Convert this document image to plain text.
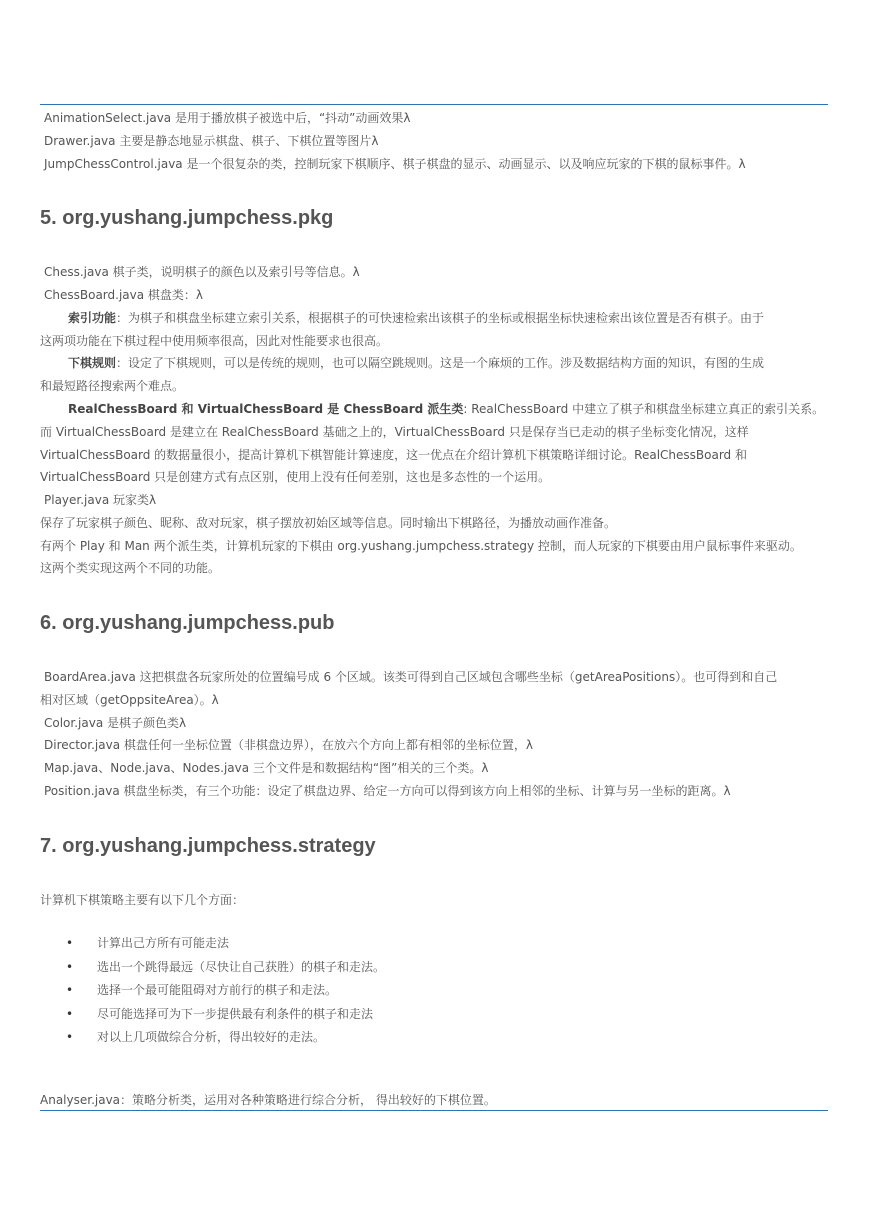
AnimationSelect.java 是用于播放棋子被选中后，“抖动”动画效果λ
Drawer.java 主要是静态地显示棋盘、棋子、下棋位置等图片λ
JumpChessControl.java 是一个很复杂的类，控制玩家下棋顺序、棋子棋盘的显示、动画显示、以及响应玩家的下棋的鼠标事件。λ
5. org.yushang.jumpchess.pkg
Chess.java 棋子类，说明棋子的颜色以及索引号等信息。λ
ChessBoard.java 棋盘类：λ
索引功能：为棋子和棋盘坐标建立索引关系，根据棋子的可快速检索出该棋子的坐标或根据坐标快速检索出该位置是否有棋子。由于
这两项功能在下棋过程中使用频率很高，因此对性能要求也很高。
下棋规则：设定了下棋规则，可以是传统的规则，也可以隔空跳规则。这是一个麻烦的工作。涉及数据结构方面的知识，有图的生成
和最短路径搜索两个难点。
RealChessBoard 和 VirtualChessBoard 是 ChessBoard 派生类: RealChessBoard 中建立了棋子和棋盘坐标建立真正的索引关系。
而 VirtualChessBoard 是建立在 RealChessBoard 基础之上的，VirtualChessBoard 只是保存当已走动的棋子坐标变化情况，这样
VirtualChessBoard 的数据量很小，提高计算机下棋智能计算速度，这一优点在介绍计算机下棋策略详细讨论。RealChessBoard 和
VirtualChessBoard 只是创建方式有点区别，使用上没有任何差别，这也是多态性的一个运用。
Player.java 玩家类λ
保存了玩家棋子颜色、昵称、敌对玩家，棋子摆放初始区域等信息。同时输出下棋路径，为播放动画作准备。
有两个 Play 和 Man 两个派生类，计算机玩家的下棋由 org.yushang.jumpchess.strategy 控制，而人玩家的下棋要由用户鼠标事件来驱动。
这两个类实现这两个不同的功能。
6. org.yushang.jumpchess.pub
BoardArea.java 这把棋盘各玩家所处的位置编号成 6 个区域。该类可得到自己区域包含哪些坐标（getAreaPositions）。也可得到和自己
相对区域（getOppsiteArea）。λ
Color.java 是棋子颜色类λ
Director.java 棋盘任何一坐标位置（非棋盘边界），在放六个方向上都有相邻的坐标位置，λ
Map.java、Node.java、Nodes.java 三个文件是和数据结构“图”相关的三个类。λ
Position.java 棋盘坐标类，有三个功能：设定了棋盘边界、给定一方向可以得到该方向上相邻的坐标、计算与另一坐标的距离。λ
7. org.yushang.jumpchess.strategy
计算机下棋策略主要有以下几个方面：
• 计算出己方所有可能走法
• 选出一个跳得最远（尽快让自己获胜）的棋子和走法。
• 选择一个最可能阻碍对方前行的棋子和走法。
• 尽可能选择可为下一步提供最有利条件的棋子和走法
• 对以上几项做综合分析，得出较好的走法。
Analyser.java：策略分析类，运用对各种策略进行综合分析， 得出较好的下棋位置。
